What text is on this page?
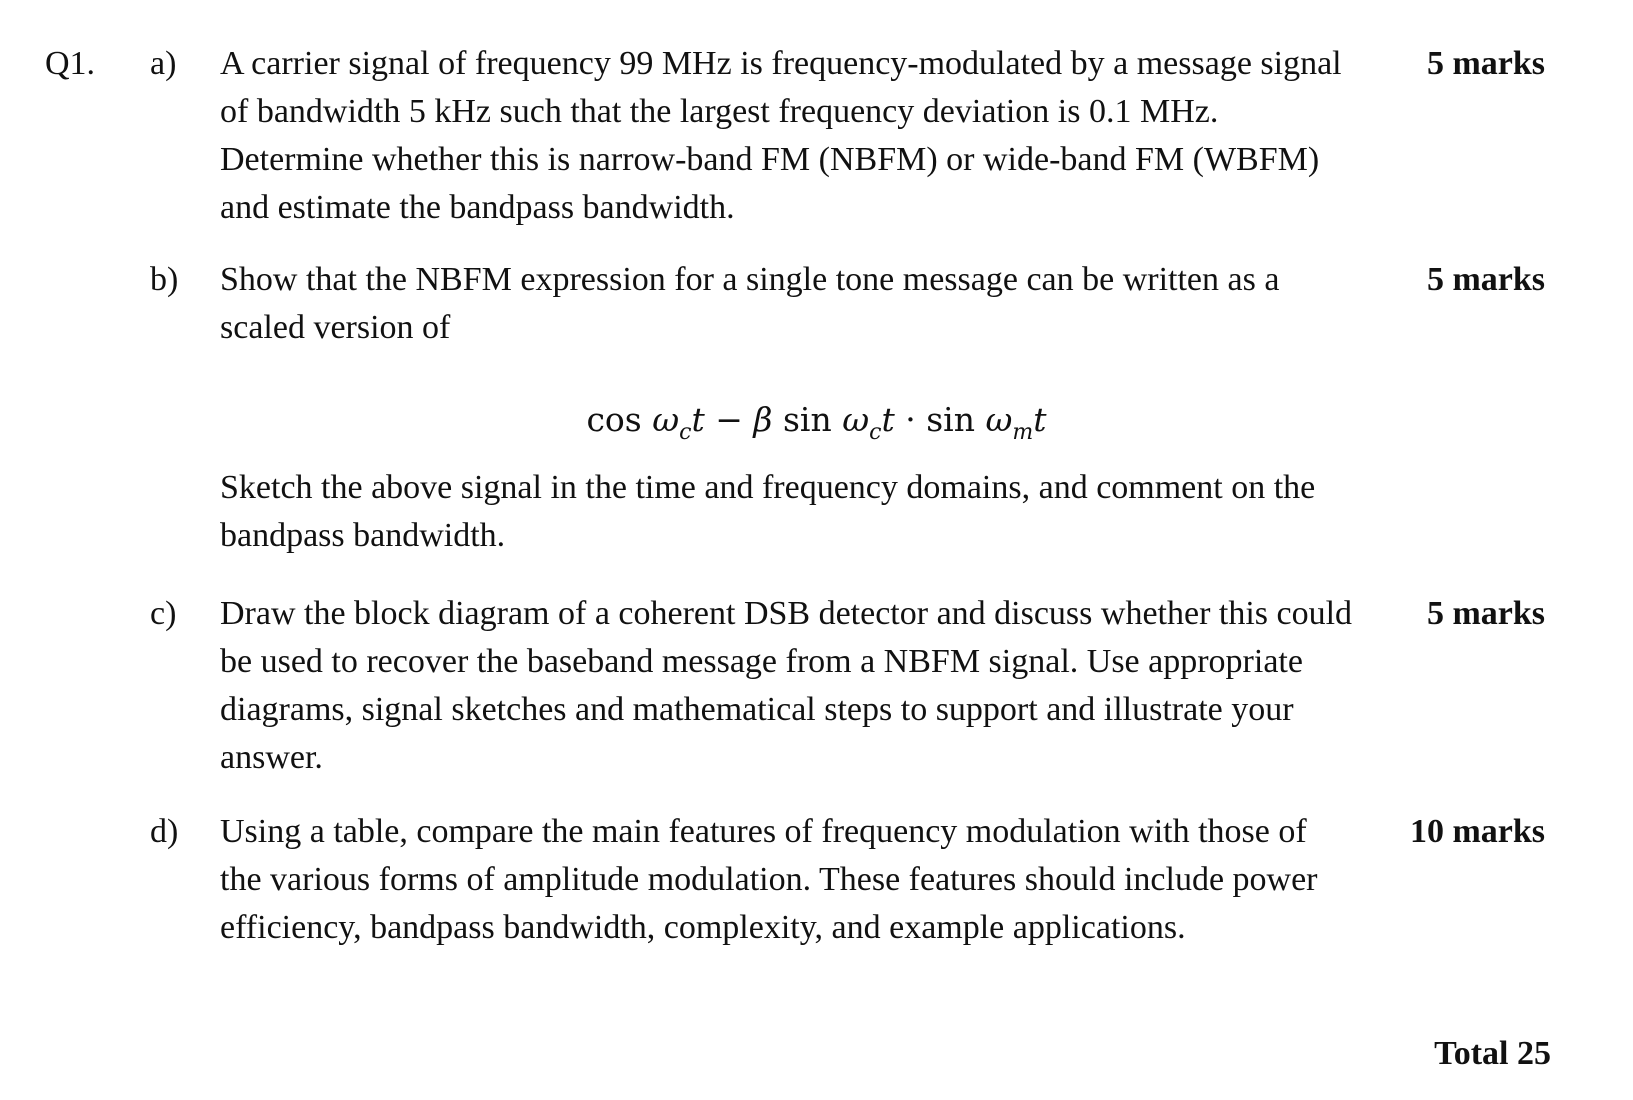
Q1. a) A carrier signal of frequency 99 MHz is frequency-modulated by a message signal of bandwidth 5 kHz such that the largest frequency deviation is 0.1 MHz. Determine whether this is narrow-band FM (NBFM) or wide-band FM (WBFM) and estimate the bandpass bandwidth.
5 marks
b) Show that the NBFM expression for a single tone message can be written as a scaled version of
5 marks
$\cos \omega_ct - \beta$ $\sin \omega_ct \cdot \sin \omega_mt$
Sketch the above signal in the time and frequency domains, and comment on the bandpass bandwidth.
c) Draw the block diagram of a coherent DSB detector and discuss whether this could be used to recover the baseband message from a NBFM signal. Use appropriate diagrams, signal sketches and mathematical steps to support and illustrate your answer.
5 marks
d) Using a table, compare the main features of frequency modulation with those of the various forms of amplitude modulation. These features should include power efficiency, bandpass bandwidth, complexity, and example applications.
10 marks
Total 25
